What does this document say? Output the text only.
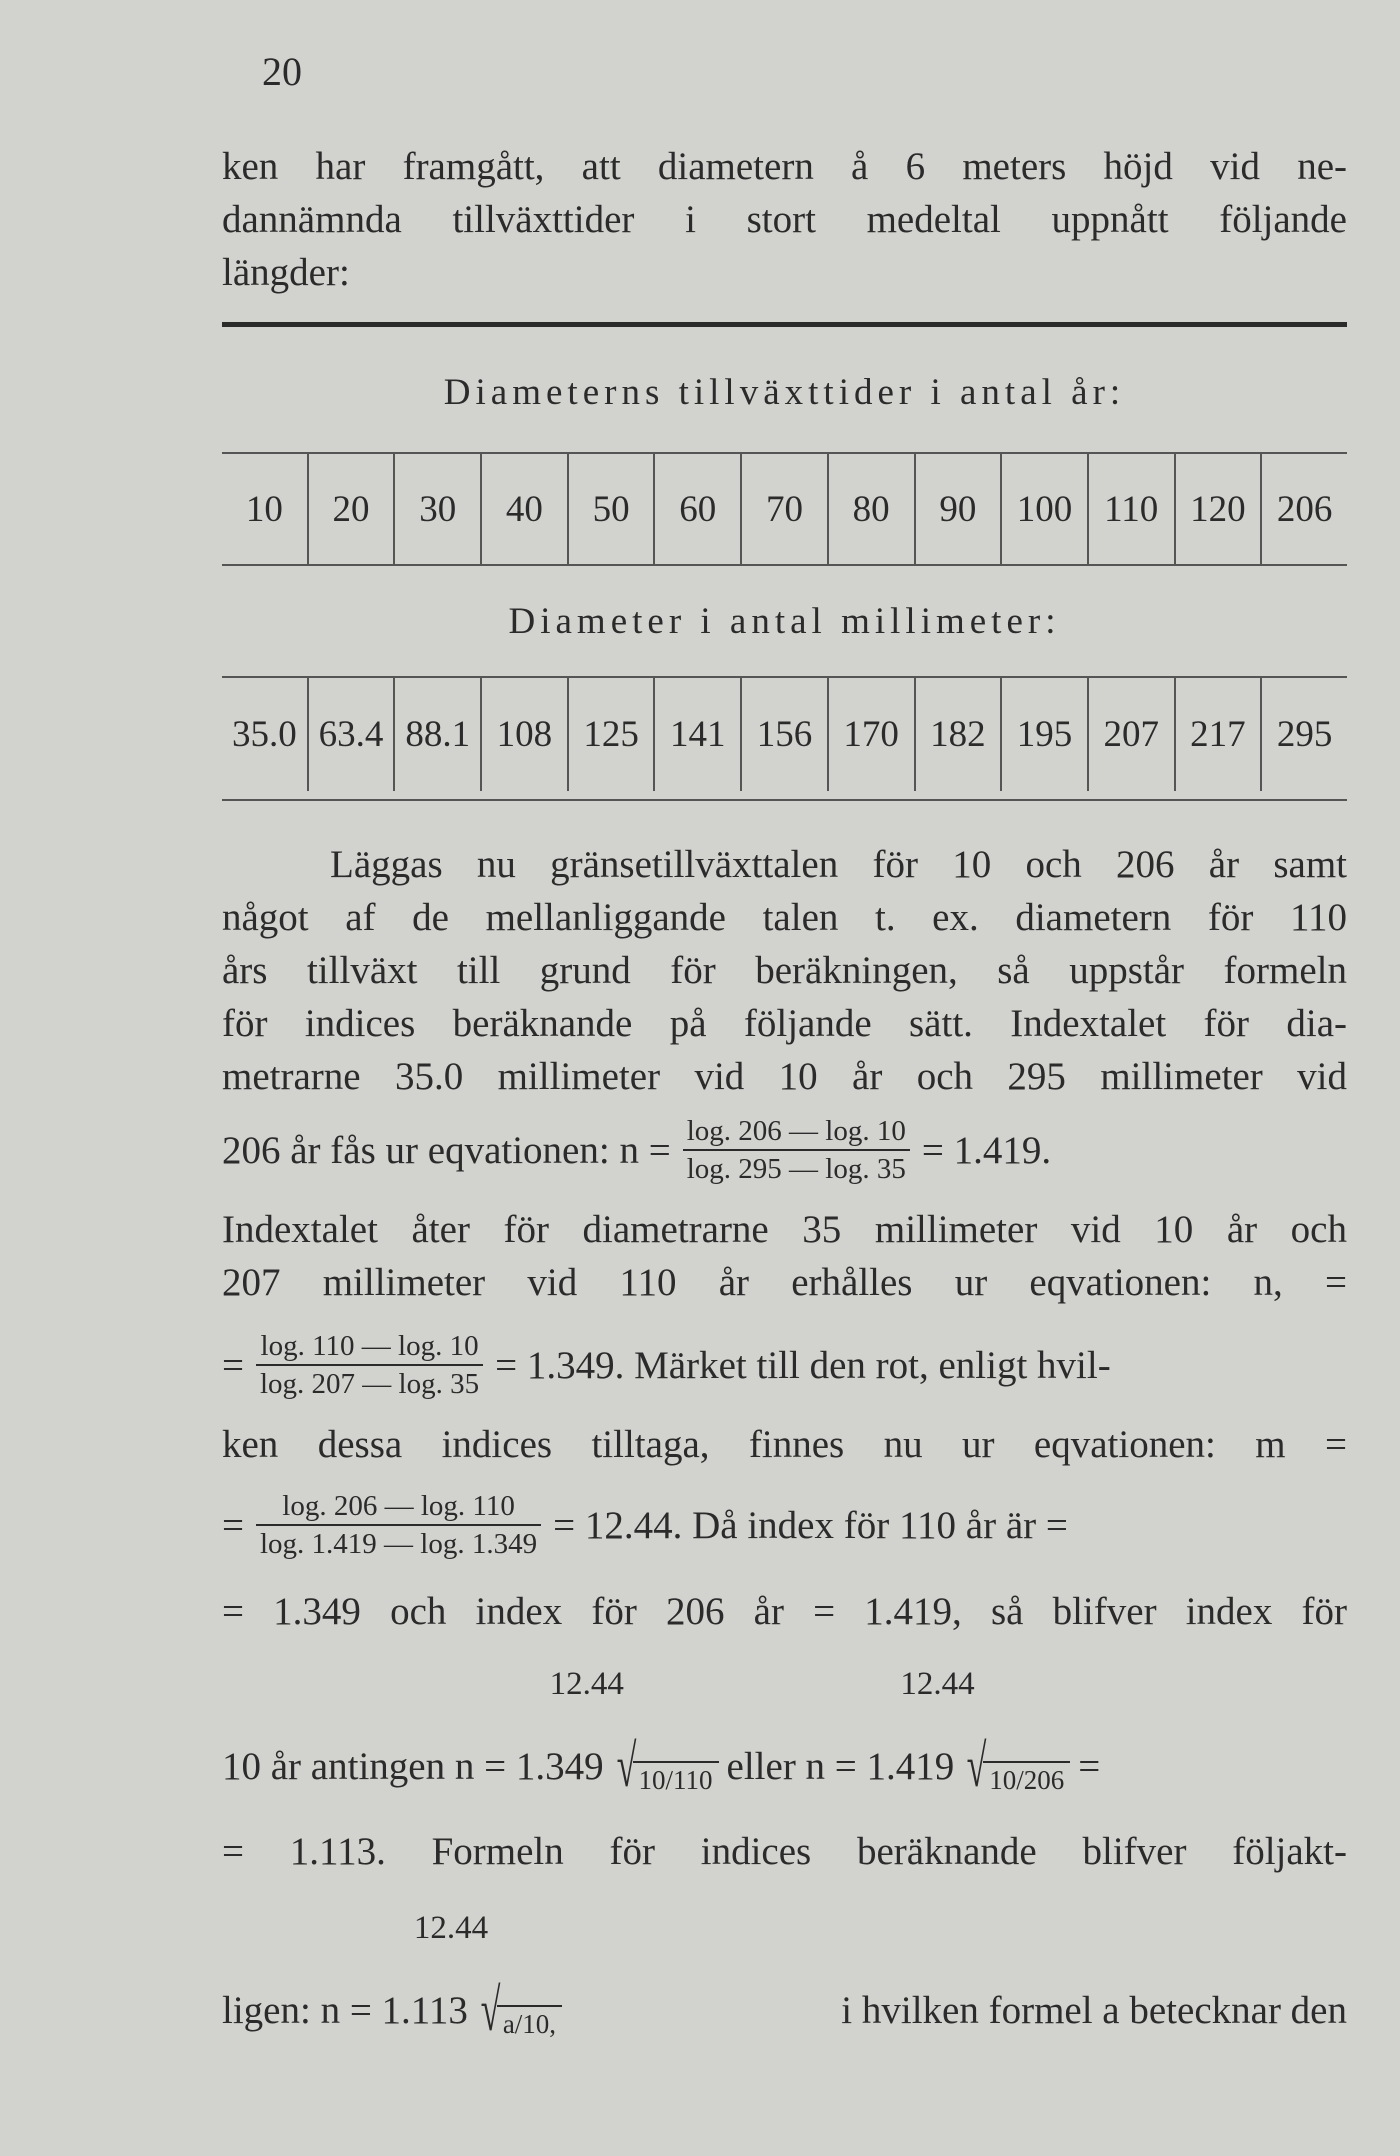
20
ken har framgått, att diametern å 6 meters höjd vid ne-
dannämnda tillväxttider i stort medeltal uppnått följande
längder:
Diameterns tillväxttider i antal år:
10	20	30	40	50	60	70	80	90	100 110 120 206
Diameter i antal millimeter:
35.0 63.4 88.1 108 125 141 156 170 182 195 207 217 295
Läggas nu gränsetillväxttalen för 10 och 206 år samt
något af de mellanliggande talen t. ex. diametern för 110
års tillväxt till grund för beräkningen, så uppstår formeln
för indices beräknande på följande sätt. Indextalet för dia-
metrarne 35.0 millimeter vid 10 år och 295 millimeter vid
206 år fås ur eqvationen: $n = \frac{\log. 206 — \log. 10}{\log. 295 — \log. 35} = 1.419$.
Indextalet åter för diametrarne 35 millimeter vid 10 år och
207 millimeter vid 110 år erhålles ur eqvationen: n, =
= $\frac{\log. 110 — \log. 10}{\log. 207 — \log. 35} = 1.349$. Märket till den rot, enligt hvil-
ken dessa indices tilltaga, finnes nu ur eqvationen: m =
= $\frac{\log. 206 — \log. 110}{\log. 1.419 — \log. 1.349} = 12.44$. Då index för 110 år är =
= 1.349 och index för 206 år = 1.419, så blifver index för
10 år antingen n = 1.349
12.44
√ 10/110 eller n = 1.419
12.44
√ 10/206 =
= 1.113. Formeln för indices beräknande blifver följakt-
ligen: n = 1.113
12.44
√ a/10,	i hvilken formel a betecknar den
